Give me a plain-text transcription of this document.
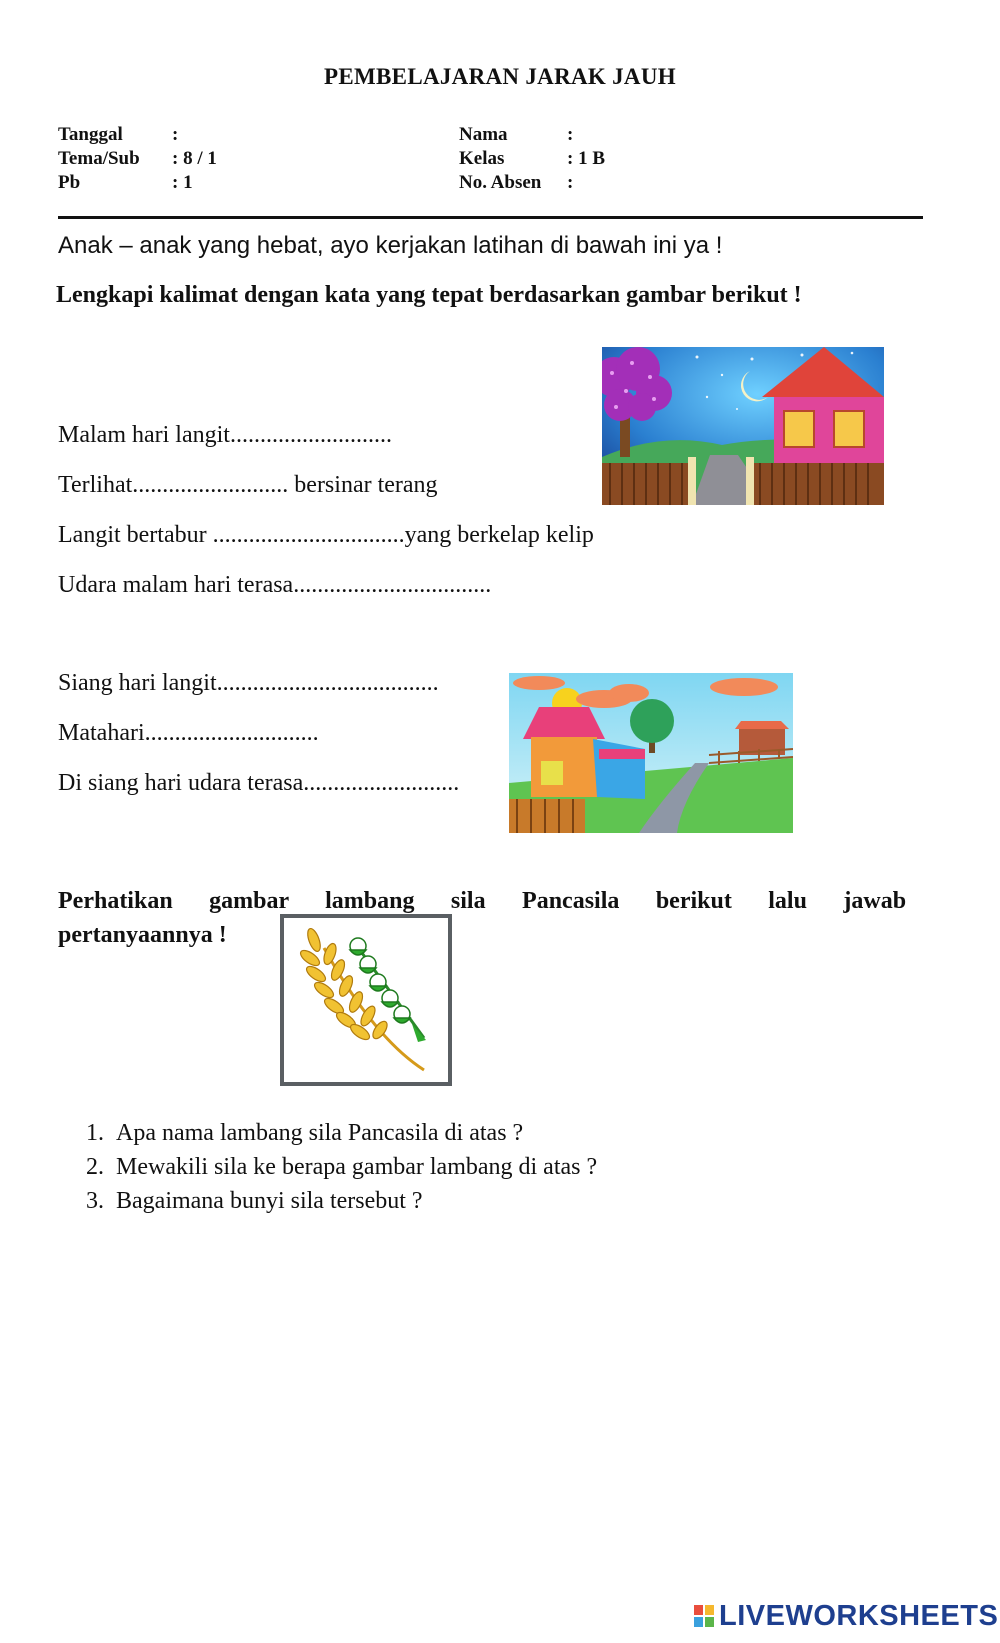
PEMBELAJARAN JARAK JAUH
Tanggal	:
Tema/Sub : 8 / 1
Pb	: 1
Nama	:
Kelas	: 1 B
No. Absen :
Anak – anak yang hebat, ayo kerjakan latihan di bawah ini ya !
Lengkapi kalimat dengan kata yang tepat berdasarkan gambar berikut !
Malam hari langit...........................
Terlihat.......................... bersinar terang
Langit bertabur ................................yang berkelap kelip
Udara malam hari terasa.................................
Siang hari langit.....................................
Matahari.............................
Di siang hari udara terasa..........................
Perhatikan gambar lambang sila Pancasila berikut lalu jawab
pertanyaannya !
1. Apa nama lambang sila Pancasila di atas ?
2. Mewakili sila ke berapa gambar lambang di atas ?
3. Bagaimana bunyi sila tersebut ?
LIVEWORKSHEETS
